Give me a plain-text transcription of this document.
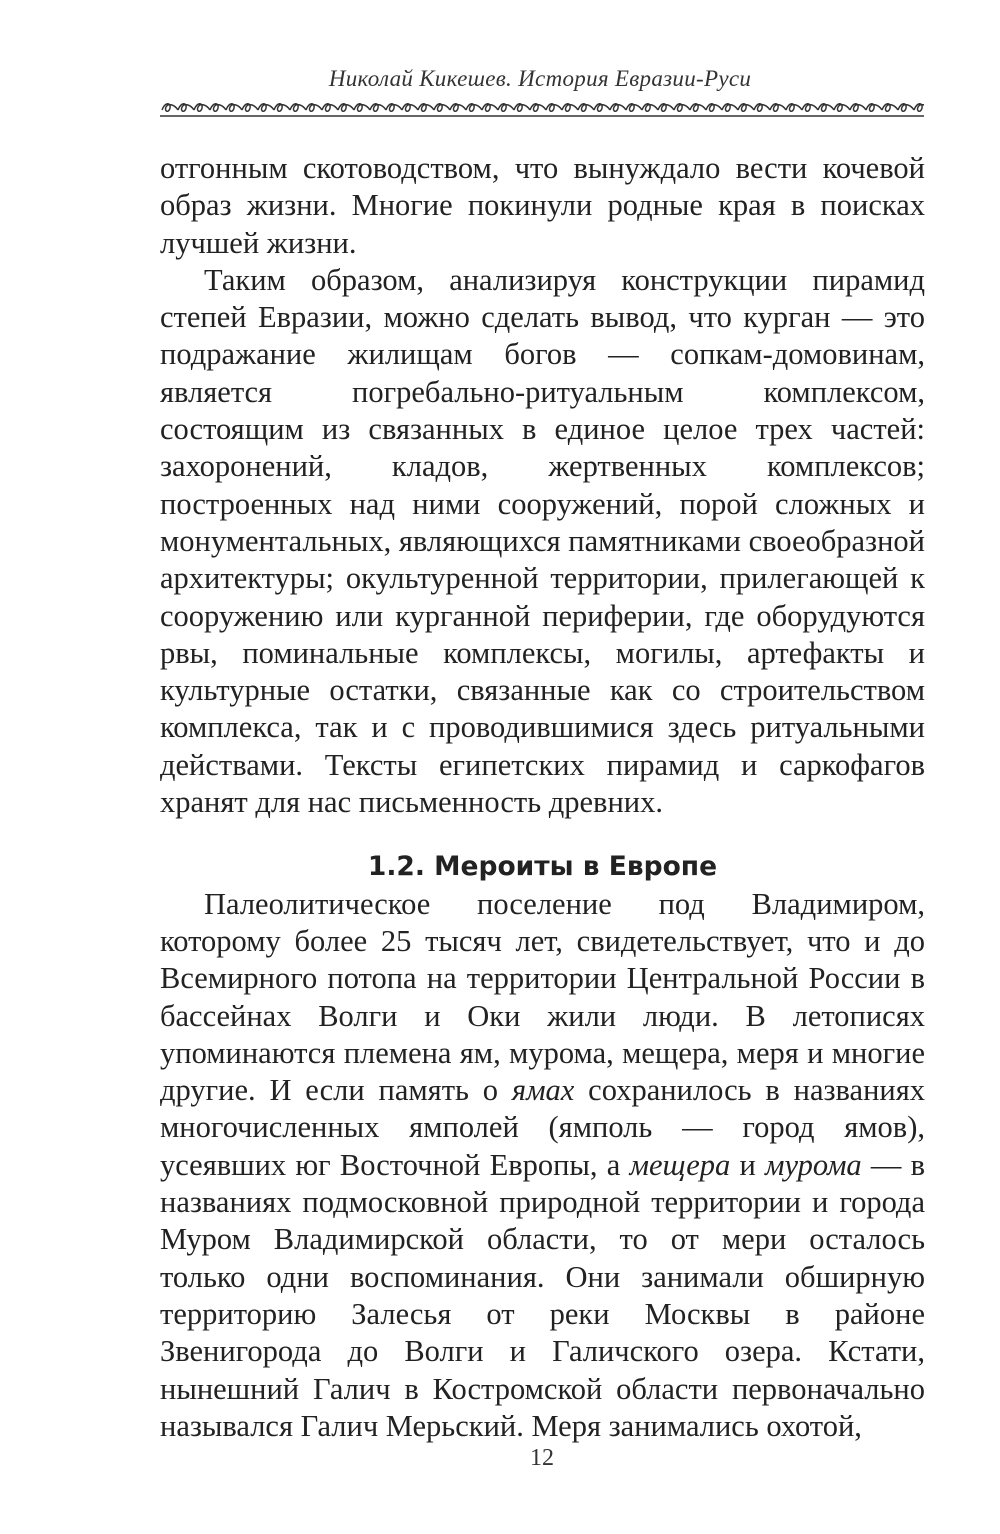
Николай Кикешев. История Евразии-Руси

отгонным скотоводством, что вынуждало вести кочевой образ жизни. Многие покинули родные края в поисках лучшей жизни.

Таким образом, анализируя конструкции пирамид степей Евразии, можно сделать вывод, что курган — это подражание жилищам богов — сопкам-домовинам, является погребально-ритуальным комплексом, состоящим из связанных в единое целое трех частей: захоронений, кладов, жертвенных комплексов; построенных над ними сооружений, порой сложных и монументальных, являющихся памятниками своеобразной архитектуры; окультуренной территории, прилегающей к сооружению или курганной периферии, где оборудуются рвы, поминальные комплексы, могилы, артефакты и культурные остатки, связанные как со строительством комплекса, так и с проводившимися здесь ритуальными действами. Тексты египетских пирамид и саркофагов хранят для нас письменность древних.

1.2. Мероиты в Европе

Палеолитическое поселение под Владимиром, которому более 25 тысяч лет, свидетельствует, что и до Всемирного потопа на территории Центральной России в бассейнах Волги и Оки жили люди. В летописях упоминаются племена ям, мурома, мещера, меря и многие другие. И если память о ямах сохранилось в названиях многочисленных ямполей (ямполь — город ямов), усеявших юг Восточной Европы, а мещера и мурома — в названиях подмосковной природной территории и города Муром Владимирской области, то от мери осталось только одни воспоминания. Они занимали обширную территорию Залесья от реки Москвы в районе Звенигорода до Волги и Галичского озера. Кстати, нынешний Галич в Костромской области первоначально назывался Галич Мерьский. Меря занимались охотой,

12
